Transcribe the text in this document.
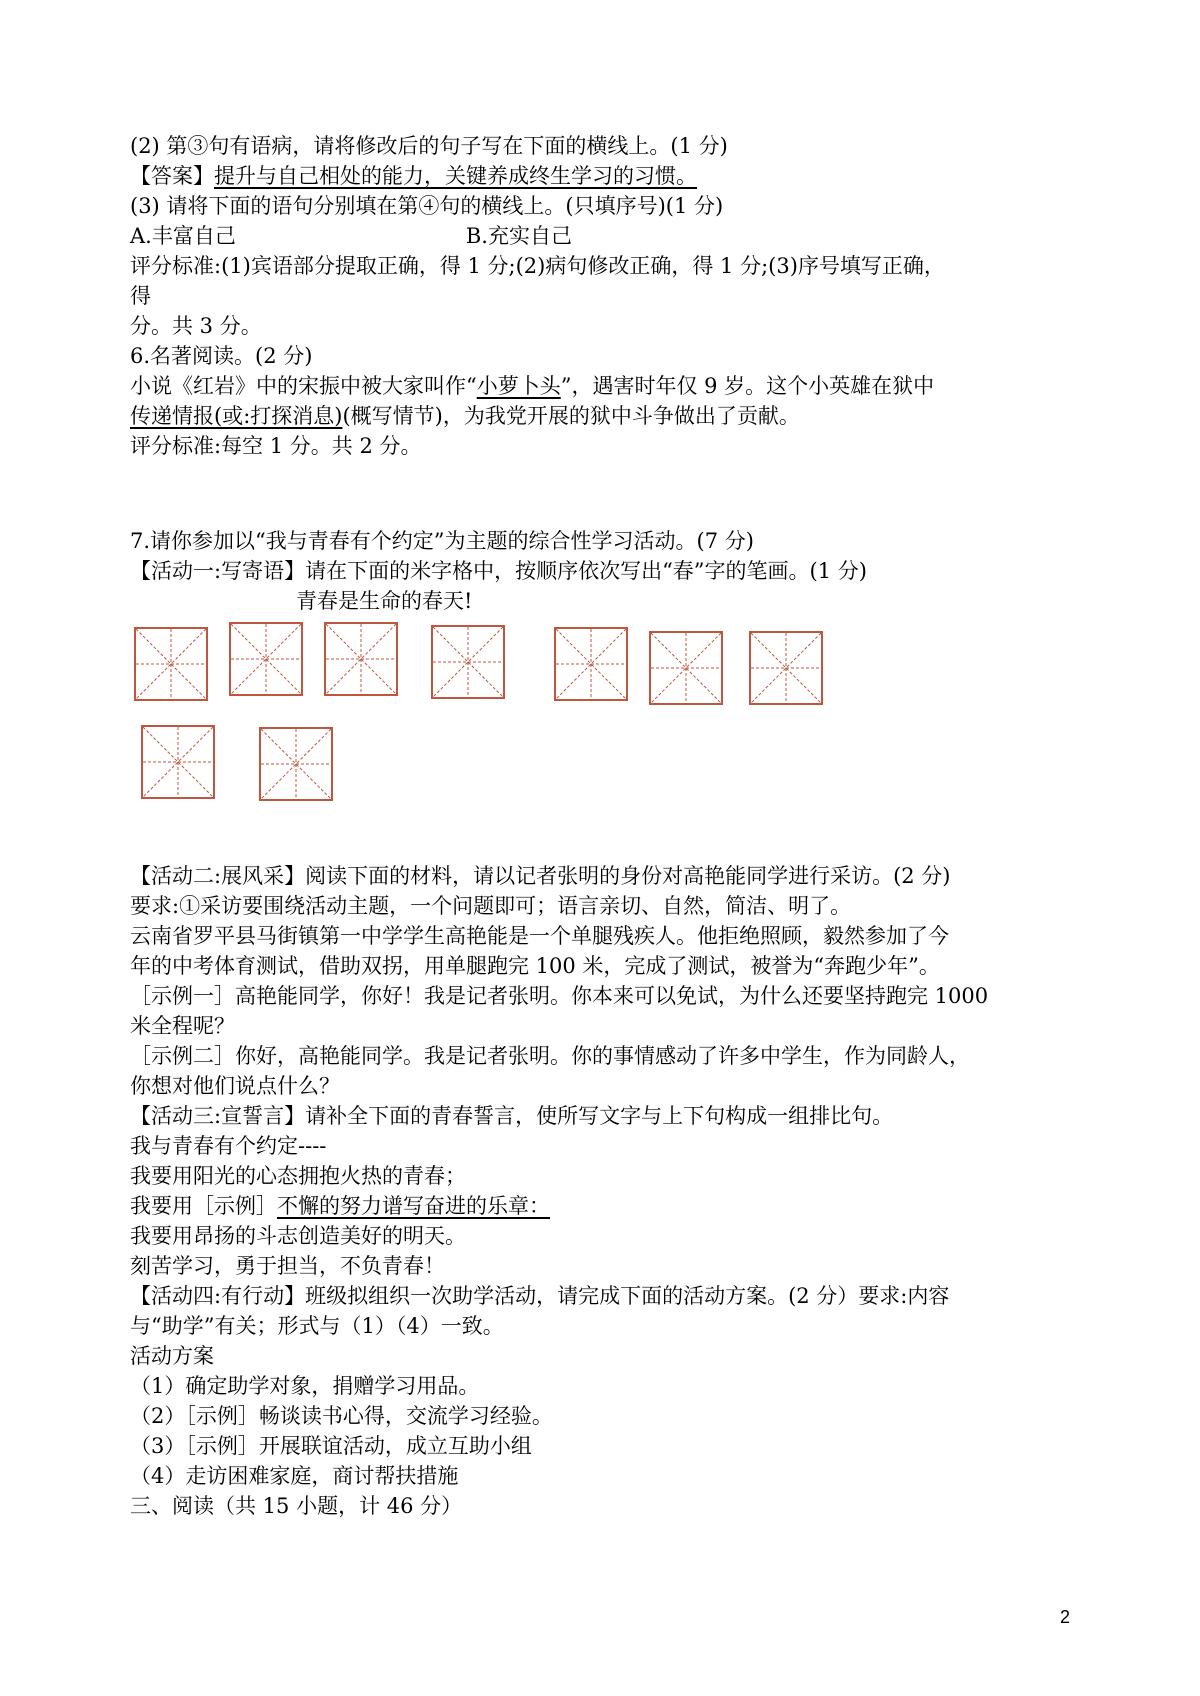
(2) 第③句有语病，请将修改后的句子写在下面的横线上。(1 分)
【答案】提升与自己相处的能力，关键养成终生学习的习惯。
(3) 请将下面的语句分别填在第④句的横线上。(只填序号)(1 分)
A.丰富自己	B.充实自己
评分标准:(1)宾语部分提取正确，得 1 分;(2)病句修改正确，得 1 分;(3)序号填写正确，
得
分。共 3 分。
6.名著阅读。(2 分)
小说《红岩》中的宋振中被大家叫作“小萝卜头”，遇害时年仅 9 岁。这个小英雄在狱中
传递情报(或:打探消息)(概写情节)，为我党开展的狱中斗争做出了贡献。
评分标准:每空 1 分。共 2 分。
7.请你参加以“我与青春有个约定”为主题的综合性学习活动。(7 分)
【活动一:写寄语】请在下面的米字格中，按顺序依次写出“春”字的笔画。(1 分)
青春是生命的春天!
【活动二:展风采】阅读下面的材料，请以记者张明的身份对高艳能同学进行采访。(2 分)
要求:①采访要围绕活动主题，一个问题即可；语言亲切、自然，简洁、明了。
云南省罗平县马街镇第一中学学生高艳能是一个单腿残疾人。他拒绝照顾，毅然参加了今
年的中考体育测试，借助双拐，用单腿跑完 100 米，完成了测试，被誉为“奔跑少年”。
［示例一］高艳能同学，你好！我是记者张明。你本来可以免试，为什么还要坚持跑完 1000
米全程呢？
［示例二］你好，高艳能同学。我是记者张明。你的事情感动了许多中学生，作为同龄人，
你想对他们说点什么？
【活动三:宣誓言】请补全下面的青春誓言，使所写文字与上下句构成一组排比句。
我与青春有个约定----
我要用阳光的心态拥抱火热的青春；
我要用［示例］不懈的努力谱写奋进的乐章：
我要用昂扬的斗志创造美好的明天。
刻苦学习，勇于担当，不负青春！
【活动四:有行动】班级拟组织一次助学活动，请完成下面的活动方案。(2 分）要求:内容
与“助学”有关；形式与（1）（4）一致。
活动方案
（1）确定助学对象，捐赠学习用品。
（2）［示例］畅谈读书心得，交流学习经验。
（3）［示例］开展联谊活动，成立互助小组
（4）走访困难家庭，商讨帮扶措施
三、阅读（共 15 小题，计 46 分）
2
